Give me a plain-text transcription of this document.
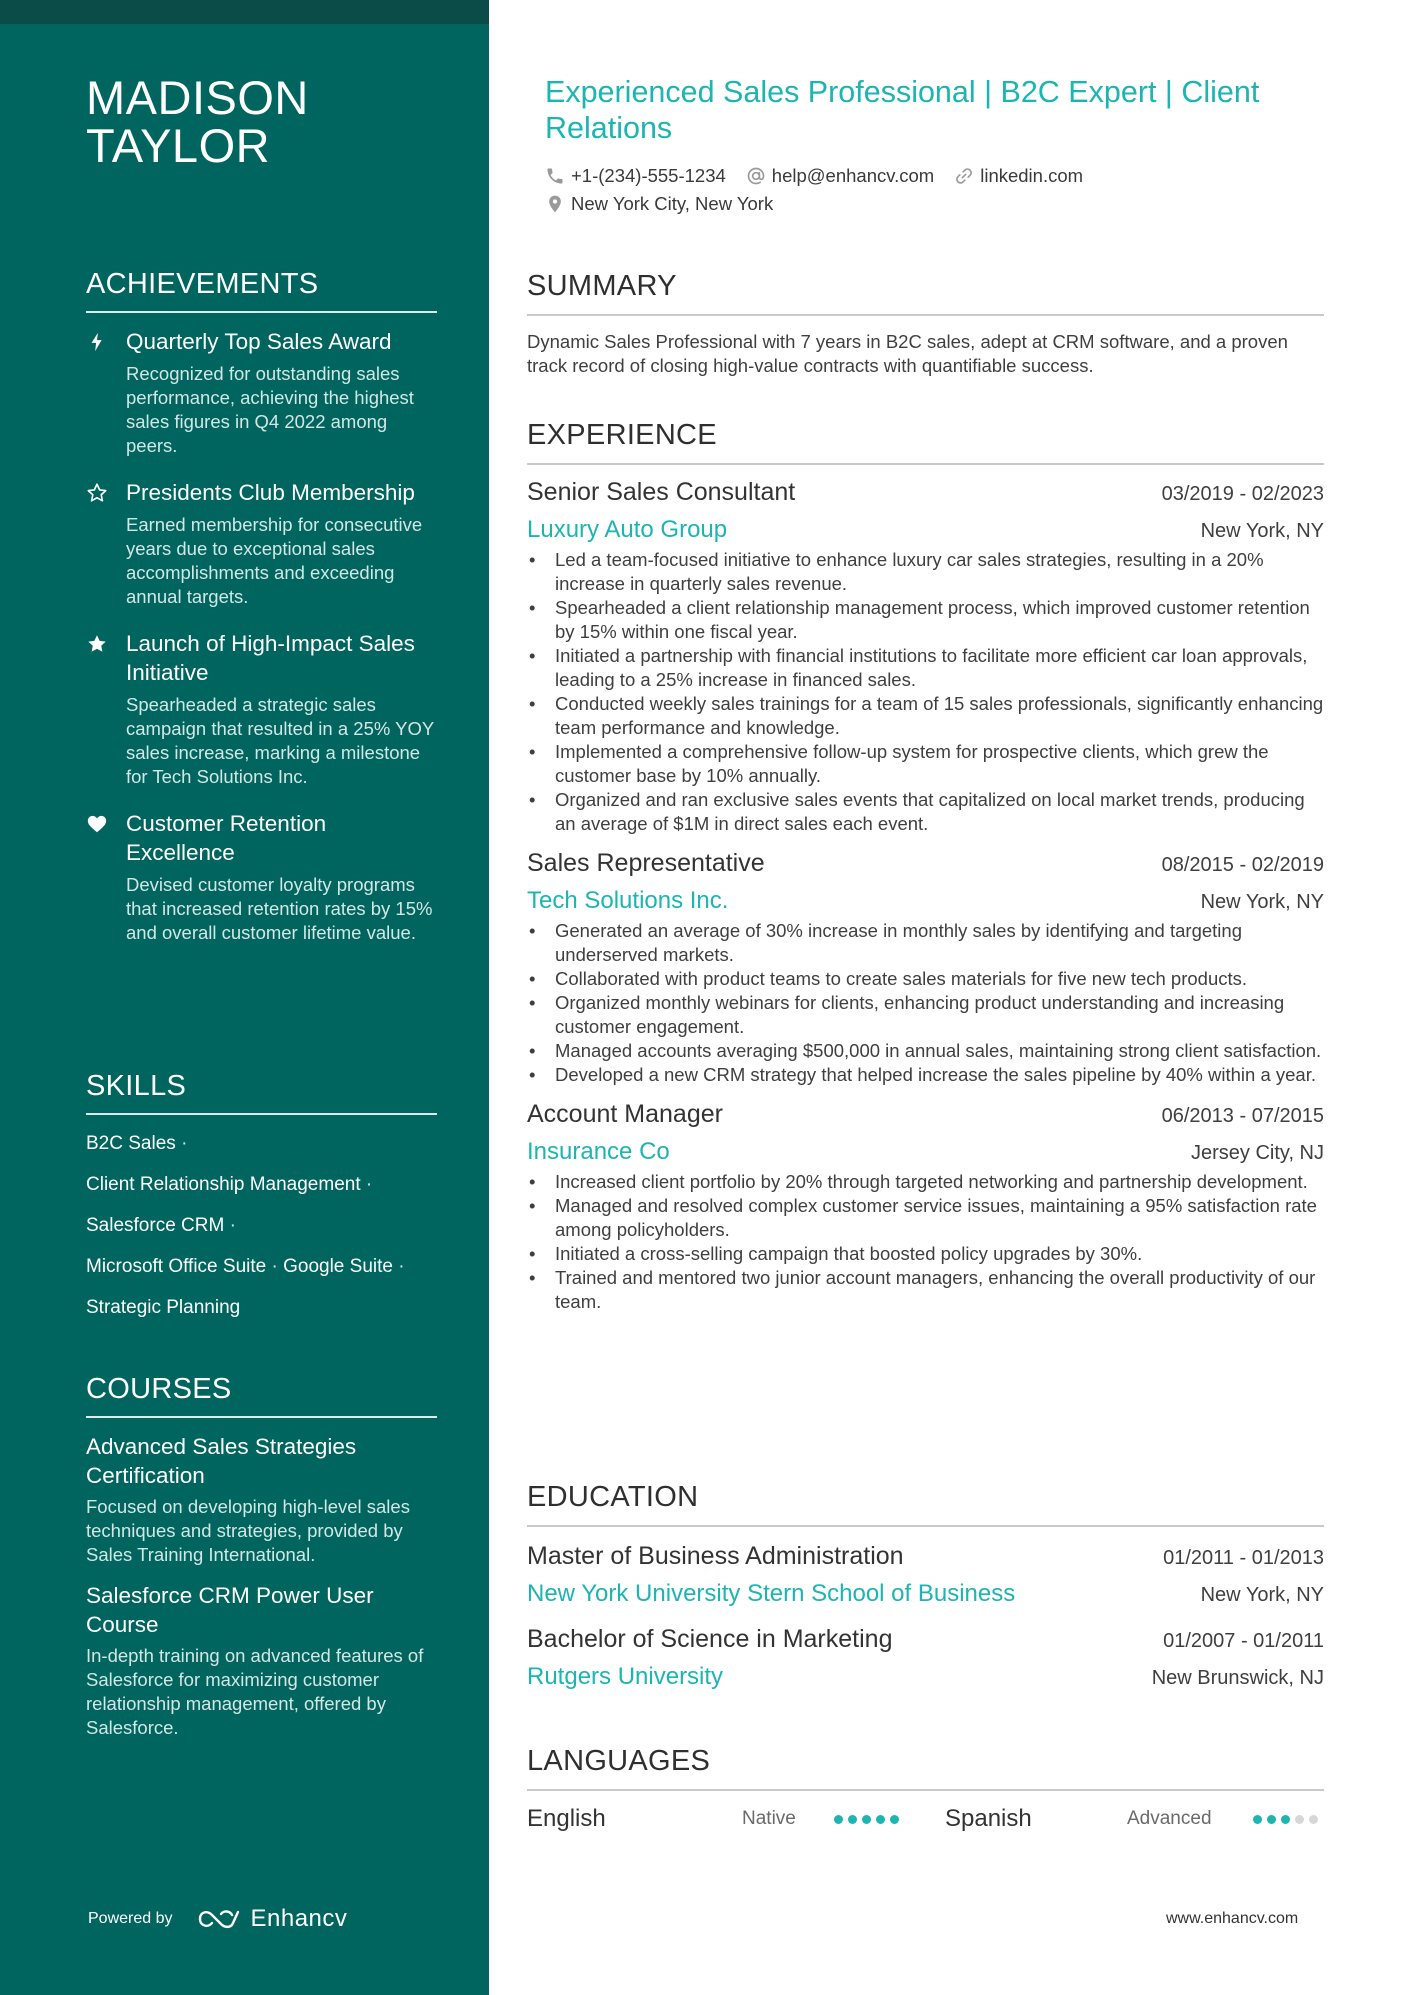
MADISON
TAYLOR
ACHIEVEMENTS
Quarterly Top Sales Award
Recognized for outstanding sales performance, achieving the highest sales figures in Q4 2022 among peers.
Presidents Club Membership
Earned membership for consecutive years due to exceptional sales accomplishments and exceeding annual targets.
Launch of High-Impact Sales Initiative
Spearheaded a strategic sales campaign that resulted in a 25% YOY sales increase, marking a milestone for Tech Solutions Inc.
Customer Retention Excellence
Devised customer loyalty programs that increased retention rates by 15% and overall customer lifetime value.
SKILLS
B2C Sales ·
Client Relationship Management ·
Salesforce CRM ·
Microsoft Office Suite · Google Suite ·
Strategic Planning
COURSES
Advanced Sales Strategies Certification
Focused on developing high-level sales techniques and strategies, provided by Sales Training International.
Salesforce CRM Power User Course
In-depth training on advanced features of Salesforce for maximizing customer relationship management, offered by Salesforce.
Powered by	Enhancv
Experienced Sales Professional | B2C Expert | Client Relations
+1-(234)-555-1234 help@enhancv.com linkedin.com
New York City, New York
SUMMARY
Dynamic Sales Professional with 7 years in B2C sales, adept at CRM software, and a proven track record of closing high-value contracts with quantifiable success.
EXPERIENCE
Senior Sales Consultant	03/2019 - 02/2023
Luxury Auto Group	New York, NY
• Led a team-focused initiative to enhance luxury car sales strategies, resulting in a 20% increase in quarterly sales revenue.
• Spearheaded a client relationship management process, which improved customer retention by 15% within one fiscal year.
• Initiated a partnership with financial institutions to facilitate more efficient car loan approvals, leading to a 25% increase in financed sales.
• Conducted weekly sales trainings for a team of 15 sales professionals, significantly enhancing team performance and knowledge.
• Implemented a comprehensive follow-up system for prospective clients, which grew the customer base by 10% annually.
• Organized and ran exclusive sales events that capitalized on local market trends, producing an average of $1M in direct sales each event.
Sales Representative	08/2015 - 02/2019
Tech Solutions Inc.	New York, NY
• Generated an average of 30% increase in monthly sales by identifying and targeting underserved markets.
• Collaborated with product teams to create sales materials for five new tech products.
• Organized monthly webinars for clients, enhancing product understanding and increasing customer engagement.
• Managed accounts averaging $500,000 in annual sales, maintaining strong client satisfaction.
• Developed a new CRM strategy that helped increase the sales pipeline by 40% within a year.
Account Manager	06/2013 - 07/2015
Insurance Co	Jersey City, NJ
• Increased client portfolio by 20% through targeted networking and partnership development.
• Managed and resolved complex customer service issues, maintaining a 95% satisfaction rate among policyholders.
• Initiated a cross-selling campaign that boosted policy upgrades by 30%.
• Trained and mentored two junior account managers, enhancing the overall productivity of our team.
EDUCATION
Master of Business Administration	01/2011 - 01/2013
New York University Stern School of Business	New York, NY
Bachelor of Science in Marketing	01/2007 - 01/2011
Rutgers University	New Brunswick, NJ
LANGUAGES
English	Native	Spanish	Advanced
www.enhancv.com
